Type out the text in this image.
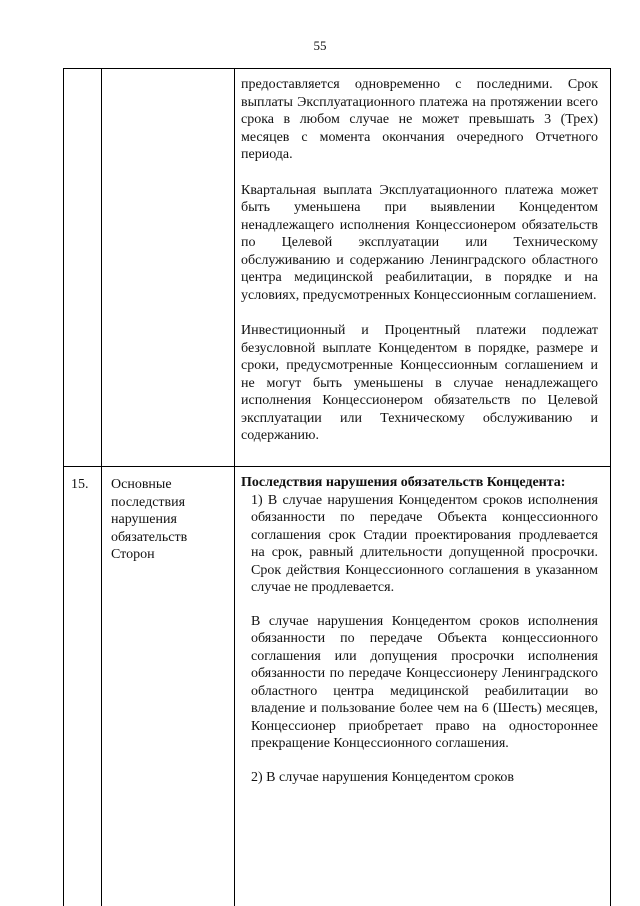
55

предоставляется одновременно с последними. Срок выплаты Эксплуатационного платежа на протяжении всего срока в любом случае не может превышать 3 (Трех) месяцев с момента окончания очередного Отчетного периода.

Квартальная выплата Эксплуатационного платежа может быть уменьшена при выявлении Концедентом ненадлежащего исполнения Концессионером обязательств по Целевой эксплуатации или Техническому обслуживанию и содержанию Ленинградского областного центра медицинской реабилитации, в порядке и на условиях, предусмотренных Концессионным соглашением.

Инвестиционный и Процентный платежи подлежат безусловной выплате Концедентом в порядке, размере и сроки, предусмотренные Концессионным соглашением и не могут быть уменьшены в случае ненадлежащего исполнения Концессионером обязательств по Целевой эксплуатации или Техническому обслуживанию и содержанию.

15. Основные
последствия
нарушения
обязательств
Сторон

Последствия нарушения обязательств Концедента:

1) В случае нарушения Концедентом сроков исполнения обязанности по передаче Объекта концессионного соглашения срок Стадии проектирования продлевается на срок, равный длительности допущенной просрочки. Срок действия Концессионного соглашения в указанном случае не продлевается.

В случае нарушения Концедентом сроков исполнения обязанности по передаче Объекта концессионного соглашения или допущения просрочки исполнения обязанности по передаче Концессионеру Ленинградского областного центра медицинской реабилитации во владение и пользование более чем на 6 (Шесть) месяцев, Концессионер приобретает право на одностороннее прекращение Концессионного соглашения.

2) В случае нарушения Концедентом сроков
